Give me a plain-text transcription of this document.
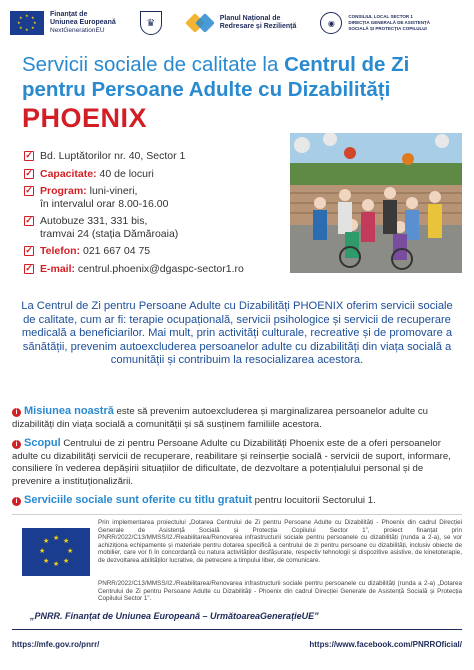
★ ★
★
★
★
★
★
★	Finanțat de
Uniunea Europeană
NextGenerationEU
♛	Planul Național de
Redresare și Reziliență	◉
CONSILIUL LOCAL SECTOR 1
DIRECȚIA GENERALĂ DE ASISTENȚĂ
SOCIALĂ ȘI PROTECȚIA COPILULUI
Servicii sociale de calitate la Centrul de Zi pentru Persoane Adulte cu Dizabilități
PHOENIX
✓ Bd. Luptătorilor nr. 40, Sector 1
✓ Capacitate: 40 de locuri
✓ Program: luni-vineri,
în intervalul orar 8.00-16.00
✓ Autobuze 331, 331 bis,
tramvai 24 (stația Dămăroaia)
✓ Telefon: 021 667 04 75
✓ E-mail: centrul.phoenix@dgaspc-sector1.ro
La Centrul de Zi pentru Persoane Adulte cu Dizabilități PHOENIX oferim servicii sociale de calitate, cum ar fi: terapie ocupațională, servicii psihologice și servicii de recuperare medicală a beneficiarilor. Mai mult, prin activități culturale, recreative și de promovare a sănătății, prevenim autoexcluderea persoanelor adulte cu dizabilități din viața socială a comunității și contribuim la resocializarea acestora.
i Misiunea noastră este să prevenim autoexcluderea și marginalizarea persoanelor adulte cu dizabilități din viața socială a comunității și să susținem familiile acestora.
i Scopul Centrului de zi pentru Persoane Adulte cu Dizabilități Phoenix este de a oferi persoanelor adulte cu dizabilități servicii de recuperare, reabilitare și reinserție socială - servicii de suport, informare, consiliere în vederea depășirii situațiilor de dificultate, de dezvoltare a potențialului personal și de prevenire a instituționalizării.
i Serviciile sociale sunt oferite cu titlu gratuit pentru locuitorii Sectorului 1.
★ ★
★
★
★
★
★
★
Prin implementarea proiectului „Dotarea Centrului de Zi pentru Persoane Adulte cu Dizabilități - Phoenix din cadrul Direcției Generale de Asistență Socială și Protecția Copilului Sector 1”, proiect finanțat prin PNRR/2022/C13/MMSS/I2./Reabilitarea/Renovarea infrastructurii sociale pentru persoanele cu dizabilități (runda a 2-a), se vor achiziționa echipamente și materiale pentru dotarea specifică a centrului de zi pentru persoane cu dizabilități, inclusiv obiecte de mobilier, care vor fi în concordanță cu natura activităților desfășurate, respectiv tehnologii și dispozitive asistive, de kinetoterapie, de dezvoltarea abilităților lucrative, de petrecere a timpului liber, de comunicare.
PNRR/2022/C13/MMSS/I2./Reabilitarea/Renovarea infrastructurii sociale pentru persoanele cu dizabilități (runda a 2-a) „Dotarea Centrului de Zi pentru Persoane Adulte cu Dizabilități - Phoenix din cadrul Direcției Generale de Asistență Socială și Protecția Copilului Sector 1”.
„PNRR. Finanțat de Uniunea Europeană – UrmătoareaGenerațieUE”
https://mfe.gov.ro/pnrr/	https://www.facebook.com/PNRROficial/
